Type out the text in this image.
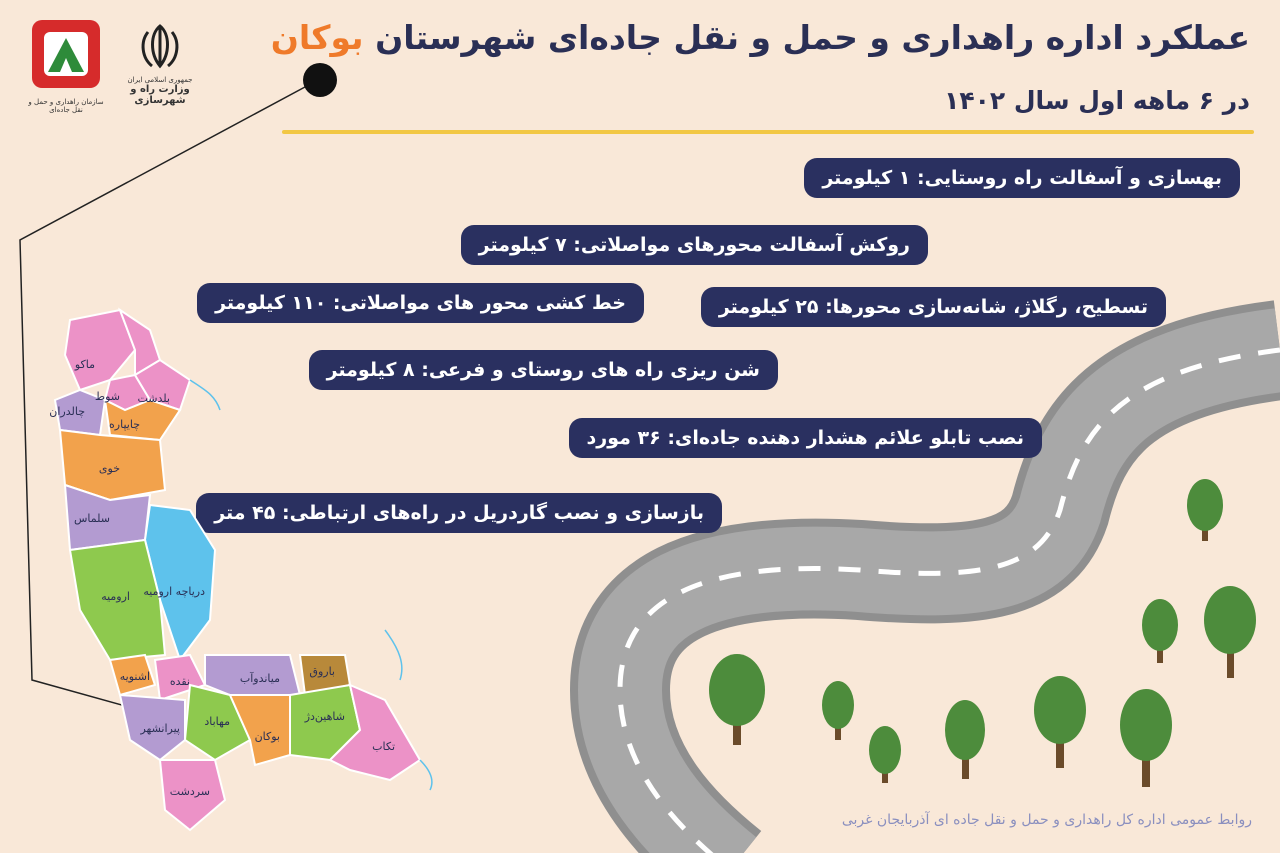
عملکرد اداره راهداری و حمل و نقل جاده‌ای شهرستان بوکان
در ۶ ماهه اول سال ۱۴۰۲
سازمان راهداری و حمل و نقل جاده‌ای
جمهوری اسلامی ایران
وزارت راه و شهرسازی
بهسازی و آسفالت راه روستایی: ۱ کیلومتر
روکش آسفالت محورهای مواصلاتی: ۷ کیلومتر
تسطیح، رگلاژ، شانه‌سازی محورها: ۲۵ کیلومتر
خط کشی محور های مواصلاتی: ۱۱۰ کیلومتر
شن ریزی راه های روستای و فرعی: ۸ کیلومتر
نصب تابلو علائم هشدار دهنده جاده‌ای: ۳۶ مورد
بازسازی و نصب گاردریل در راه‌های ارتباطی: ۴۵ متر
ماکو
شوط بلدشت
چالدران
چایپاره
خوی
سلماس
دریاچه ارومیه
ارومیه
اشنویه نقده	میاندوآب
باروق
شاهین‌دژ
تکاب
مهاباد
بوکان
پیرانشهر
سردشت
روابط عمومی اداره کل راهداری و حمل و نقل جاده ای آذربایجان غربی
